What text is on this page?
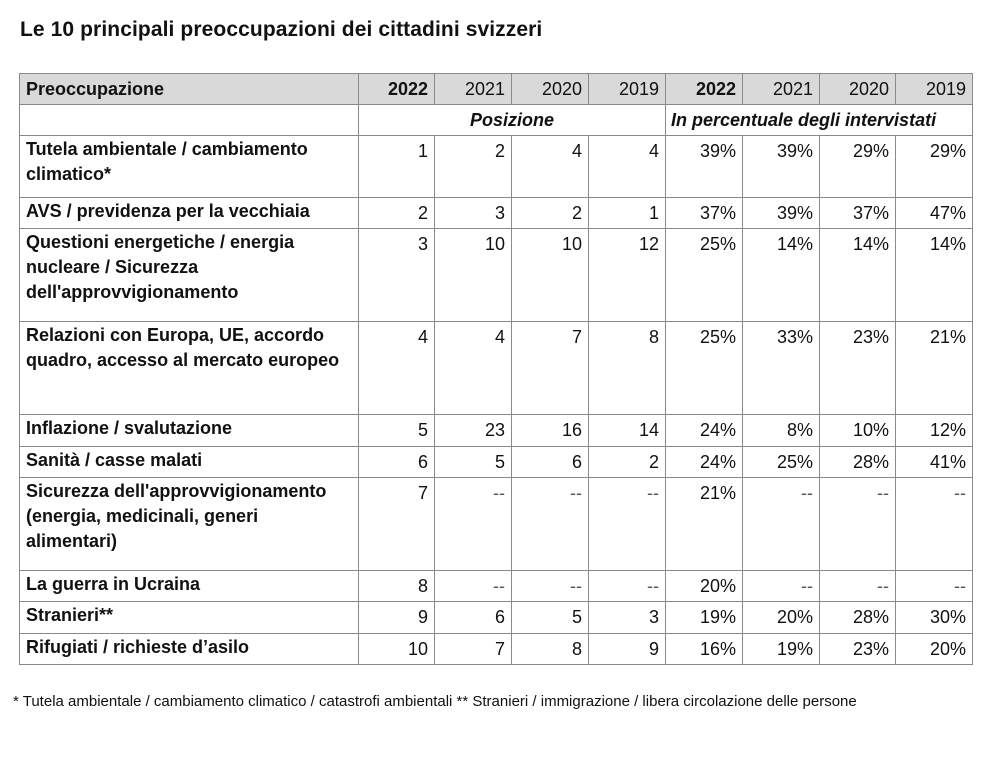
Le 10 principali preoccupazioni dei cittadini svizzeri
Preoccupazione	2022	2021	2020	2019	2022	2021	2020	2019
	Posizione				In percentuale degli intervistati			
Tutela ambientale / cambiamento climatico*	1	2	4	4	39%	39%	29%	29%
AVS / previdenza per la vecchiaia	2	3	2	1	37%	39%	37%	47%
Questioni energetiche / energia nucleare / Sicurezza dell'approvvigionamento	3	10	10	12	25%	14%	14%	14%
Relazioni con Europa, UE, accordo quadro, accesso al mercato europeo	4	4	7	8	25%	33%	23%	21%
Inflazione / svalutazione	5	23	16	14	24%	8%	10%	12%
Sanità / casse malati	6	5	6	2	24%	25%	28%	41%
Sicurezza dell'approvvigionamento (energia, medicinali, generi alimentari)	7	--	--	--	21%	--	--	--
La guerra in Ucraina	8	--	--	--	20%	--	--	--
Stranieri**	9	6	5	3	19%	20%	28%	30%
Rifugiati / richieste d’asilo	10	7	8	9	16%	19%	23%	20%
* Tutela ambientale / cambiamento climatico / catastrofi ambientali ** Stranieri / immigrazione / libera circolazione delle persone
